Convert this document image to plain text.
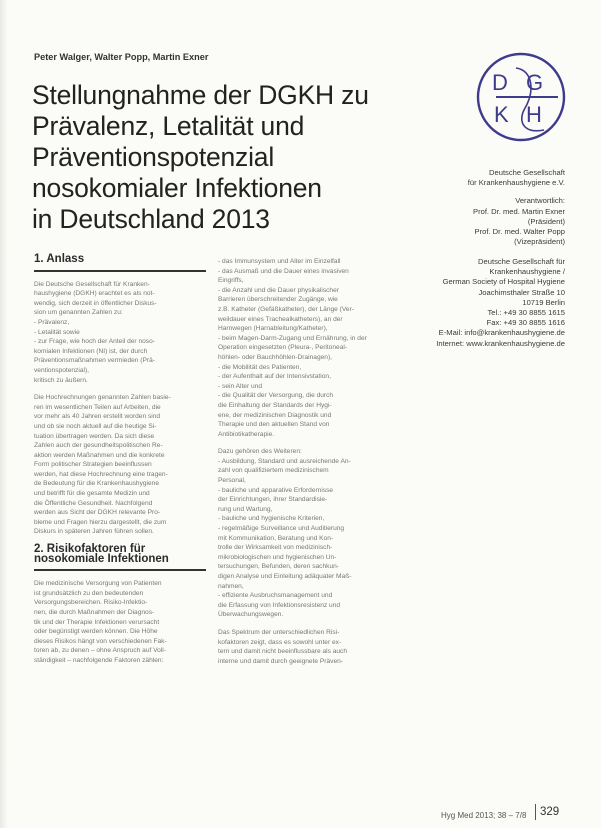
Peter Walger, Walter Popp, Martin Exner
Stellungnahme der DGKH zu
Prävalenz, Letalität und
Präventionspotenzial
nosokomialer Infektionen
in Deutschland 2013
D G
K H

Deutsche Gesellschaft

für Krankenhaushygiene e.V.

Verantwortlich:

Prof. Dr. med. Martin Exner

(Präsident)

Prof. Dr. med. Walter Popp

(Vizepräsident)

Deutsche Gesellschaft für

Krankenhaushygiene /

German Society of Hospital Hygiene

Joachimsthaler Straße 10

10719 Berlin

Tel.: +49 30 8855 1615

Fax: +49 30 8855 1616

E-Mail: info@krankenhaushygiene.de

Internet: www.krankenhaushygiene.de

1. Anlass

Die Deutsche Gesellschaft für Kranken-

haushygiene (DGKH) erachtet es als not-

wendig, sich derzeit in öffentlicher Diskus-

sion um genannten Zahlen zu:

- Prävalenz,

- Letalität sowie

- zur Frage, wie hoch der Anteil der noso-

komialen Infektionen (NI) ist, der durch

Präventionsmaßnahmen vermieden (Prä-

ventionspotenzial),

kritisch zu äußern.

Die Hochrechnungen genannten Zahlen basie-

ren im wesentlichen Teilen auf Arbeiten, die

vor mehr als 40 Jahren erstellt worden sind

und ob sie noch aktuell auf die heutige Si-

tuation übertragen werden. Da sich diese

Zahlen auch der gesundheitspolitischen Re-

aktion werden Maßnahmen und die konkrete

Form politischer Strategien beeinflussen

werden, hat diese Hochrechnung eine tragen-

de Bedeutung für die Krankenhaushygiene

und betrifft für die gesamte Medizin und

die Öffentliche Gesundheit. Nachfolgend

werden aus Sicht der DGKH relevante Pro-

bleme und Fragen hierzu dargestellt, die zum

Diskurs in späteren Jahren führen sollen.

2. Risikofaktoren für nosokomiale Infektionen

Die medizinische Versorgung von Patienten

ist grundsätzlich zu den bedeutenden

Versorgungsbereichen. Risiko-Infektio-

nen, die durch Maßnahmen der Diagnos-

tik und der Therapie Infektionen verursacht

oder begünstigt werden können. Die Höhe

dieses Risikos hängt von verschiedenen Fak-

toren ab, zu denen – ohne Anspruch auf Voll-

ständigkeit – nachfolgende Faktoren zählen:

- das Immunsystem und Alter im Einzelfall

- das Ausmaß und die Dauer eines invasiven

Eingriffs,

- die Anzahl und die Dauer physikalischer

Barrieren überschreitender Zugänge, wie

z.B. Katheter (Gefäßkatheter), der Länge (Ver-

weildauer eines Trachealkatheters), an der

Harnwegen (Harnableitung/Katheter),

- beim Magen-Darm-Zugang und Ernährung, in der

Operation eingesetzten (Pleura-, Peritoneal-

höhlen- oder Bauchhöhlen-Drainagen),

- die Mobilität des Patienten,

- der Aufenthalt auf der Intensivstation,

- sein Alter und

- die Qualität der Versorgung, die durch

die Einhaltung der Standards der Hygi-

ene, der medizinischen Diagnostik und

Therapie und den aktuellen Stand von

Antibiotikatherapie.

Dazu gehören des Weiteren:

- Ausbildung, Standard und ausreichende An-

zahl von qualifiziertem medizinischem

Personal,

- bauliche und apparative Erfordernisse

der Einrichtungen, ihrer Standardisie-

rung und Wartung,

- bauliche und hygienische Kriterien,

- regelmäßige Surveillance und Auditierung

mit Kommunikation, Beratung und Kon-

trolle der Wirksamkeit von medizinisch-

mikrobiologischen und hygienischen Un-

tersuchungen, Befunden, deren sachkun-

digen Analyse und Einleitung adäquater Maß-

nahmen,

- effiziente Ausbruchsmanagement und

die Erfassung von Infektionsresistenz und

Überwachungswegen.

Das Spektrum der unterschiedlichen Risi-

kofaktoren zeigt, dass es sowohl unter ex-

tern und damit nicht beeinflussbare als auch

interne und damit durch geeignete Präven-

Hyg Med 2013; 38 – 7/8	329
